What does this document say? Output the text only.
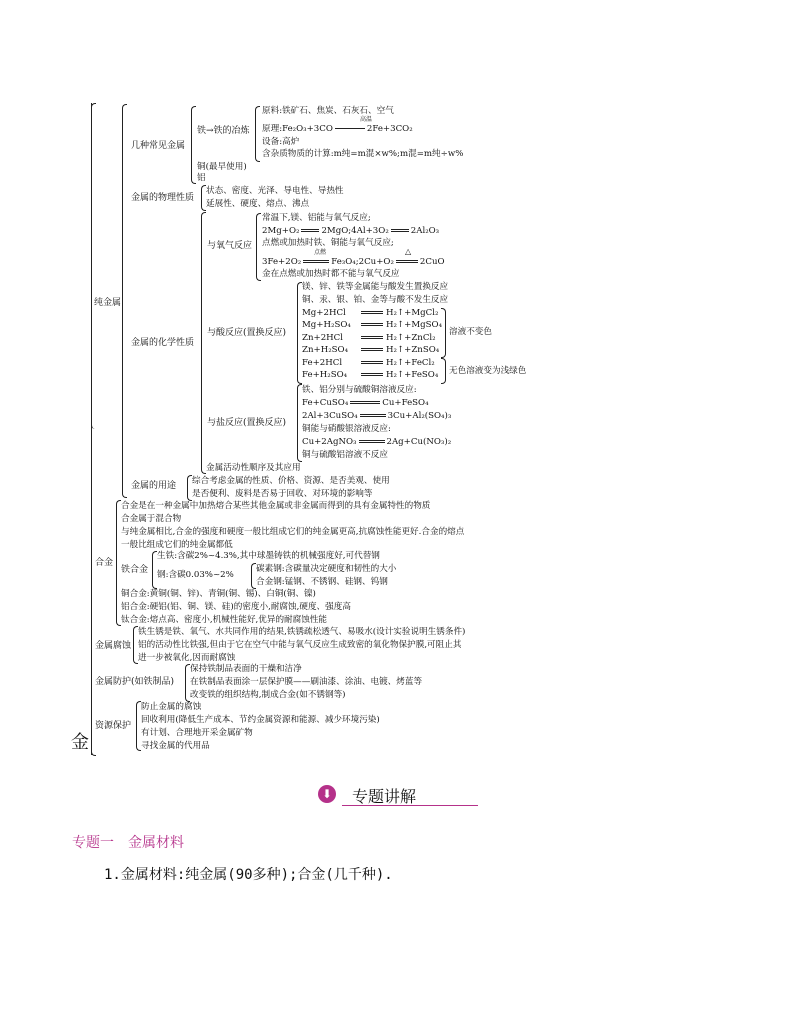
金
纯金属
几种常见金属
铁→铁的冶炼
原料:铁矿石、焦炭、石灰石、空气
高温
原理:Fe₂O₃+3CO	2Fe+3CO₂
设备:高炉
含杂质物质的计算:m纯=m混×w%;m混=m纯÷w%
铜(最早使用)
铝
金属的物理性质
状态、密度、光泽、导电性、导热性
延展性、硬度、熔点、沸点
金属的化学性质
与氧气反应
常温下,镁、铝能与氧气反应;
2Mg+O₂	2MgO;4Al+3O₂	2Al₂O₃
点燃或加热时铁、铜能与氧气反应;
点燃	△
3Fe+2O₂	Fe₃O₄;2Cu+O₂	2CuO
金在点燃或加热时都不能与氧气反应
与酸反应(置换反应)
镁、锌、铁等金属能与酸发生置换反应
铜、汞、银、铂、金等与酸不发生反应
Mg+2HCl	H₂↑+MgCl₂
Mg+H₂SO₄	H₂↑+MgSO₄
Zn+2HCl	H₂↑+ZnCl₂
Zn+H₂SO₄	H₂↑+ZnSO₄
Fe+2HCl	H₂↑+FeCl₂
Fe+H₂SO₄	H₂↑+FeSO₄
溶液不变色
无色溶液变为浅绿色
与盐反应(置换反应)
铁、铝分别与硫酸铜溶液反应:
Fe+CuSO₄	Cu+FeSO₄
2Al+3CuSO₄	3Cu+Al₂(SO₄)₃
铜能与硝酸银溶液反应:
Cu+2AgNO₃	2Ag+Cu(NO₃)₂
铜与硫酸铝溶液不反应
金属活动性顺序及其应用
金属的用途 综合考虑金属的性质、价格、资源、是否美观、使用
是否便利、废料是否易于回收、对环境的影响等
合金
合金是在一种金属中加热熔合某些其他金属或非金属而得到的具有金属特性的物质
合金属于混合物
与纯金属相比,合金的强度和硬度一般比组成它们的纯金属更高,抗腐蚀性能更好.合金的熔点
一般比组成它们的纯金属都低
铁合金
生铁:含碳2%~4.3%,其中球墨铸铁的机械强度好,可代替钢
钢:含碳0.03%~2%
碳素钢:含碳量决定硬度和韧性的大小
合金钢:锰钢、不锈钢、硅钢、钨钢
铜合金:黄铜(铜、锌)、青铜(铜、锡)、白铜(铜、镍)
铝合金:硬铝(铝、铜、镁、硅)的密度小,耐腐蚀,硬度、强度高
钛合金:熔点高、密度小,机械性能好,优异的耐腐蚀性能
金属腐蚀
铁生锈是铁、氧气、水共同作用的结果,铁锈疏松透气、易吸水(设计实验说明生锈条件)
铝的活动性比铁强,但由于它在空气中能与氧气反应生成致密的氧化物保护膜,可阻止其
进一步被氧化,因而耐腐蚀
金属防护(如铁制品)
保持铁制品表面的干燥和洁净
在铁制品表面涂一层保护膜——刷油漆、涂油、电镀、烤蓝等
改变铁的组织结构,制成合金(如不锈钢等)
资源保护
防止金属的腐蚀
回收利用(降低生产成本、节约金属资源和能源、减少环境污染)
有计划、合理地开采金属矿物
寻找金属的代用品
⬇ 专题讲解
专题一　金属材料
1.金属材料:纯金属(90多种);合金(几千种).
